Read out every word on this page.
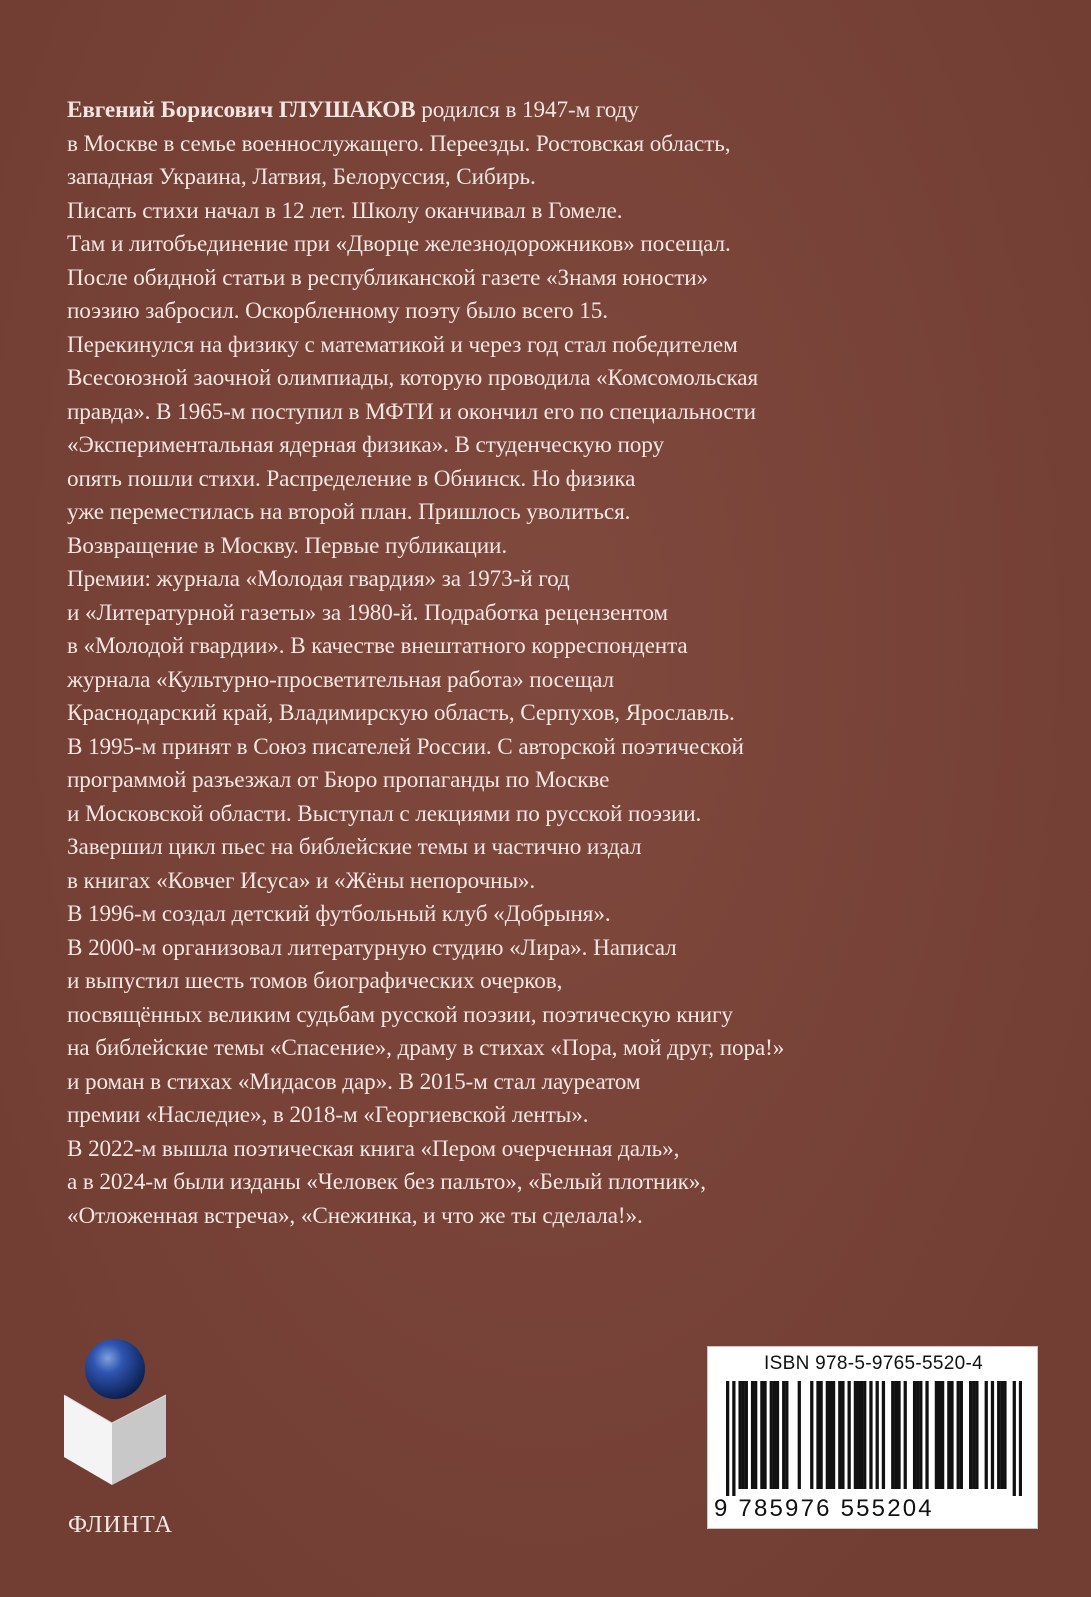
Евгений Борисович ГЛУШАКОВ родился в 1947-м году
в Москве в семье военнослужащего. Переезды. Ростовская область,
западная Украина, Латвия, Белоруссия, Сибирь.
Писать стихи начал в 12 лет. Школу оканчивал в Гомеле.
Там и литобъединение при «Дворце железнодорожников» посещал.
После обидной статьи в республиканской газете «Знамя юности»
поэзию забросил. Оскорбленному поэту было всего 15.
Перекинулся на физику с математикой и через год стал победителем
Всесоюзной заочной олимпиады, которую проводила «Комсомольская
правда». В 1965-м поступил в МФТИ и окончил его по специальности
«Экспериментальная ядерная физика». В студенческую пору
опять пошли стихи. Распределение в Обнинск. Но физика
уже переместилась на второй план. Пришлось уволиться.
Возвращение в Москву. Первые публикации.
Премии: журнала «Молодая гвардия» за 1973-й год
и «Литературной газеты» за 1980-й. Подработка рецензентом
в «Молодой гвардии». В качестве внештатного корреспондента
журнала «Культурно-просветительная работа» посещал
Краснодарский край, Владимирскую область, Серпухов, Ярославль.
В 1995-м принят в Союз писателей России. С авторской поэтической
программой разъезжал от Бюро пропаганды по Москве
и Московской области. Выступал с лекциями по русской поэзии.
Завершил цикл пьес на библейские темы и частично издал
в книгах «Ковчег Исуса» и «Жёны непорочны».
В 1996-м создал детский футбольный клуб «Добрыня».
В 2000-м организовал литературную студию «Лира». Написал
и выпустил шесть томов биографических очерков,
посвящённых великим судьбам русской поэзии, поэтическую книгу
на библейские темы «Спасение», драму в стихах «Пора, мой друг, пора!»
и роман в стихах «Мидасов дар». В 2015-м стал лауреатом
премии «Наследие», в 2018-м «Георгиевской ленты».
В 2022-м вышла поэтическая книга «Пером очерченная даль»,
а в 2024-м были изданы «Человек без пальто», «Белый плотник»,
«Отложенная встреча», «Снежинка, и что же ты сделала!».
ФЛИНТА
ISBN 978-5-9765-5520-4
9 785976 555204
